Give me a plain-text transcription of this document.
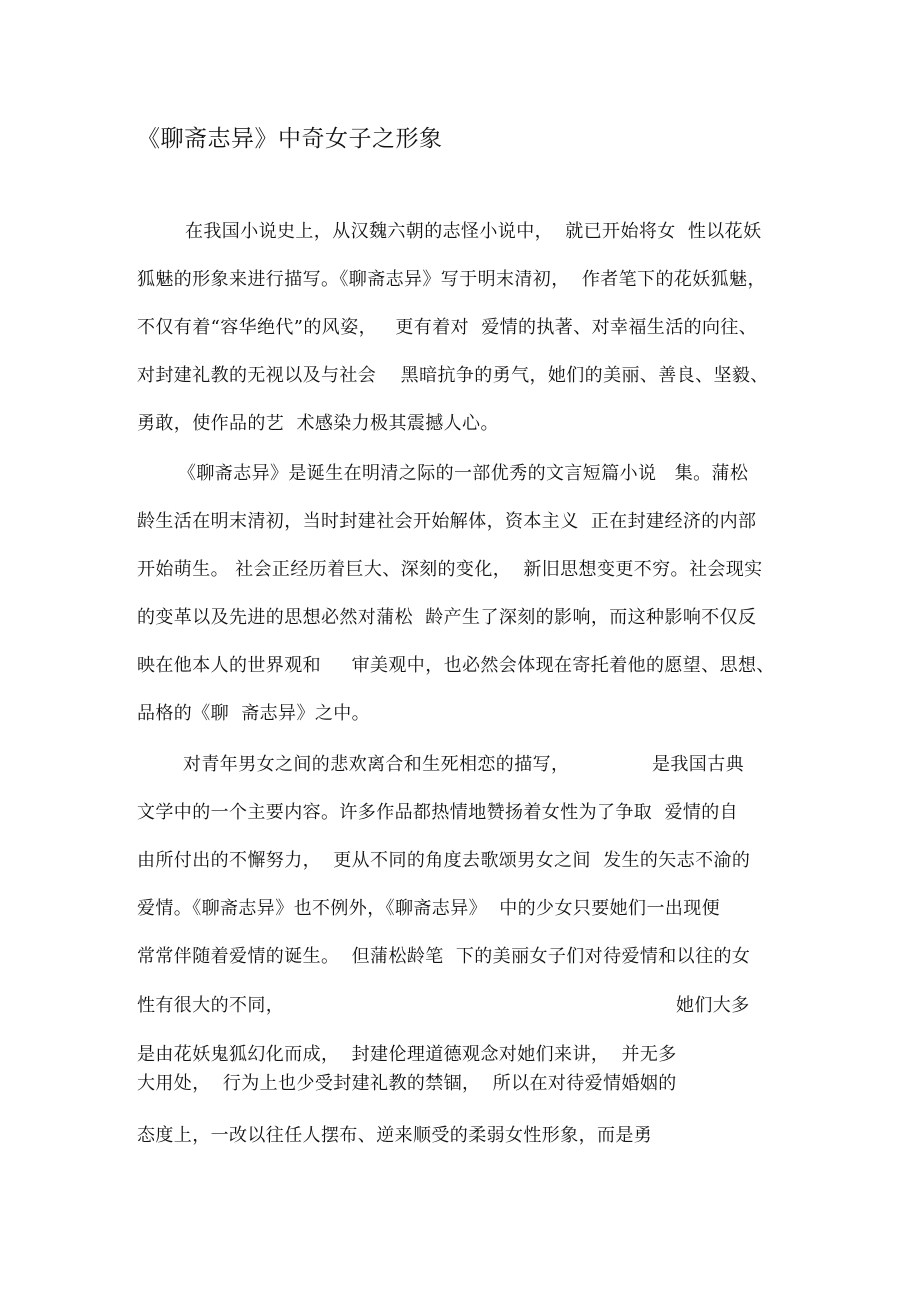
《聊斋志异》中奇女子之形象
在我国小说史上，从汉魏六朝的志怪小说中，  就已开始将女  性以花妖
狐魅的形象来进行描写。《聊斋志异》写于明末清初，  作者笔下的花妖狐魅，
不仅有着“容华绝代”的风姿，   更有着对  爱情的执著、对幸福生活的向往、
对封建礼教的无视以及与社会    黑暗抗争的勇气，她们的美丽、善良、坚毅、
勇敢，使作品的艺  术感染力极其震撼人心。
《聊斋志异》是诞生在明清之际的一部优秀的文言短篇小说   集。蒲松
龄生活在明末清初，当时封建社会开始解体，资本主义  正在封建经济的内部
开始萌生。 社会正经历着巨大、深刻的变化，  新旧思想变更不穷。社会现实
的变革以及先进的思想必然对蒲松  龄产生了深刻的影响，而这种影响不仅反
映在他本人的世界观和     审美观中，也必然会体现在寄托着他的愿望、思想、
品格的《聊  斋志异》之中。
对青年男女之间的悲欢离合和生死相恋的描写，	是我国古典
文学中的一个主要内容。许多作品都热情地赞扬着女性为了争取  爱情的自
由所付出的不懈努力，  更从不同的角度去歌颂男女之间  发生的矢志不渝的
爱情。《聊斋志异》也不例外，《聊斋志异》  中的少女只要她们一出现便
常常伴随着爱情的诞生。  但蒲松龄笔  下的美丽女子们对待爱情和以往的女
性有很大的不同，	她们大多
是由花妖鬼狐幻化而成，  封建伦理道德观念对她们来讲，  并无多
大用处，  行为上也少受封建礼教的禁锢，  所以在对待爱情婚姻的
态度上，一改以往任人摆布、逆来顺受的柔弱女性形象，而是勇
